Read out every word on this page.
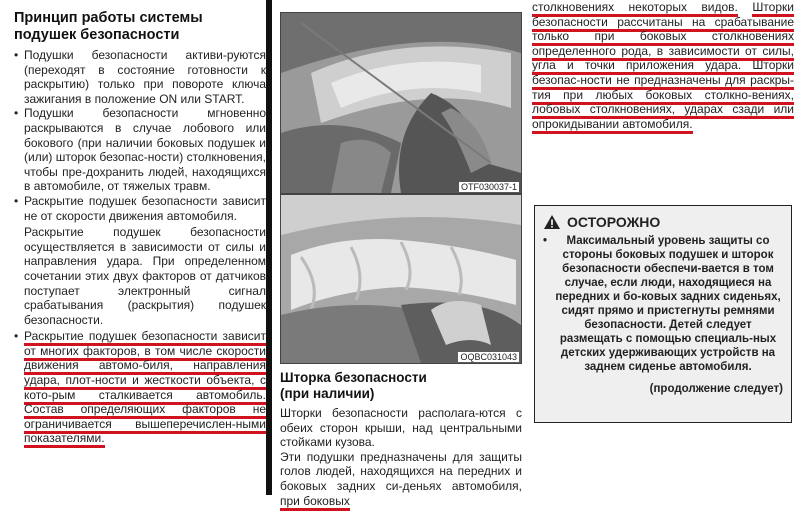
Принцип работы системы
подушек безопасности

• Подушки безопасности активи-руются (переходят в состояние готовности к раскрытию) только при повороте ключа зажигания в положение ON или START.

• Подушки безопасности мгновенно раскрываются в случае лобового или бокового (при наличии боковых подушек и (или) шторок безопас-ности) столкновения, чтобы пре-дохранить людей, находящихся в автомобиле, от тяжелых травм.

• Раскрытие подушек безопасности зависит не от скорости движения автомобиля.

Раскрытие подушек безопасности осуществляется в зависимости от силы и направления удара. При определенном сочетании этих двух факторов от датчиков поступает электронный сигнал срабатывания (раскрытия) подушек безопасности.

• Раскрытие подушек безопасности зависит от многих факторов, в том числе скорости движения автомо-биля, направления удара, плот-ности и жесткости объекта, с кото-рым сталкивается автомобиль. Состав определяющих факторов не ограничивается вышеперечислен-ными показателями.

OTF030037-1
OQBC031043
Шторка безопасности
(при наличии)

Шторки безопасности располага-ются с обеих сторон крыши, над центральными стойками кузова.

Эти подушки предназначены для защиты голов людей, находящихся на передних и боковых задних си-деньях автомобиля, при боковых

столкновениях некоторых видов. Шторки безопасности рассчитаны на срабатывание только при боковых столкновениях определенного рода, в зависимости от силы, угла и точки приложения удара. Шторки безопас-ности не предназначены для раскры-тия при любых боковых столкно-вениях, лобовых столкновениях, ударах сзади или опрокидывании автомобиля.

ОСТОРОЖНО
• Максимальный уровень защиты со стороны боковых подушек и шторок безопасности обеспечи-вается в том случае, если люди, находящиеся на передних и бо-ковых задних сиденьях, сидят прямо и пристегнуты ремнями безопасности. Детей следует размещать с помощью специаль-ных детских удерживающих устройств на заднем сиденье автомобиля.
(продолжение следует)
